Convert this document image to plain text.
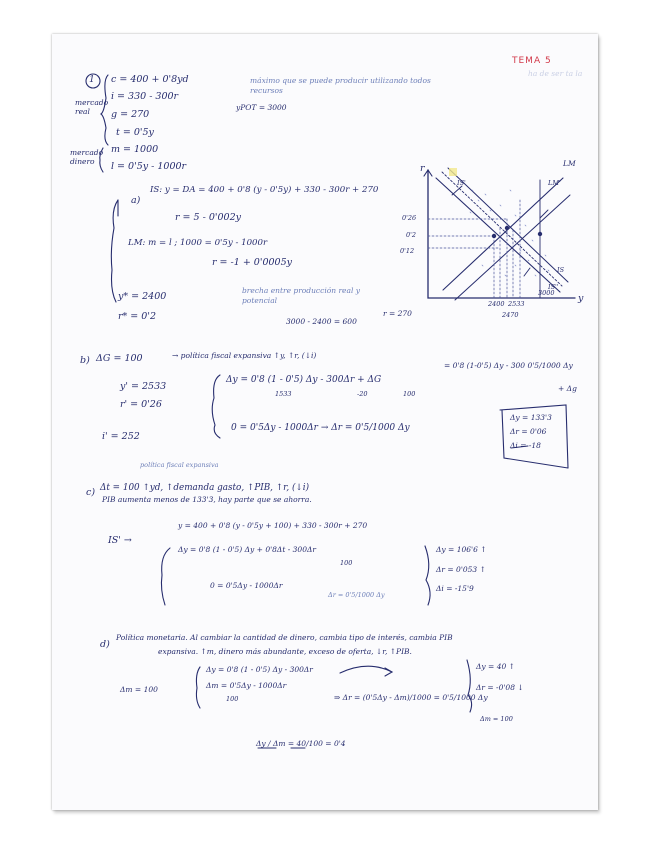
TEMA 5
ha de ser ta la
1
mercado real
mercado dinero
c = 400 + 0'8yd
i = 330 - 300r
g = 270
t = 0'5y
m = 1000
l = 0'5y - 1000r
máximo que se puede producir utilizando todos recursos
yPOT = 3000
a)
IS: y = DA = 400 + 0'8 (y - 0'5y) + 330 - 300r + 270
r = 5 - 0'002y
LM: m = l ; 1000 = 0'5y - 1000r
r = -1 + 0'0005y
y* = 2400
r* = 0'2
brecha entre producción real y potencial
3000 - 2400 = 600
r = 270
r
y
LM
0'26
0'2
0'12
2400 2533
2470
IS'
IS
IS''
LM'
3000
b) ΔG = 100	→ política fiscal expansiva ↑y, ↑r, (↓i)
y' = 2533
r' = 0'26
i' = 252
Δy = 0'8 (1 - 0'5) Δy - 300Δr + ΔG
1533	-20	100
= 0'8 (1-0'5) Δy - 300 0'5/1000 Δy
+ Δg
0 = 0'5Δy - 1000Δr → Δr = 0'5/1000 Δy
Δy = 133'3
Δr = 0'06
Δi = -18
política fiscal expansiva
c) Δt = 100 ↑yd, ↑demanda gasto, ↑PIB, ↑r, (↓i)
PIB aumenta menos de 133'3, hay parte que se ahorra.
IS' →
y = 400 + 0'8 (y - 0'5y + 100) + 330 - 300r + 270
Δy = 0'8 (1 - 0'5) Δy + 0'8Δt - 300Δr
100
0 = 0'5Δy - 1000Δr
Δr = 0'5/1000 Δy
Δy = 106'6 ↑
Δr = 0'053 ↑
Δi = -15'9
d)
Política monetaria. Al cambiar la cantidad de dinero, cambia tipo de interés, cambia PIB
expansiva. ↑m, dinero más abundante, exceso de oferta, ↓r, ↑PIB.
Δm = 100
Δy = 0'8 (1 - 0'5) Δy - 300Δr
Δm = 0'5Δy - 1000Δr
100	⇒ Δr = (0'5Δy - Δm)/1000 = 0'5/1000 Δy
Δy = 40 ↑
Δr = -0'08 ↓
Δm = 100
Δy / Δm = 40/100 = 0'4
